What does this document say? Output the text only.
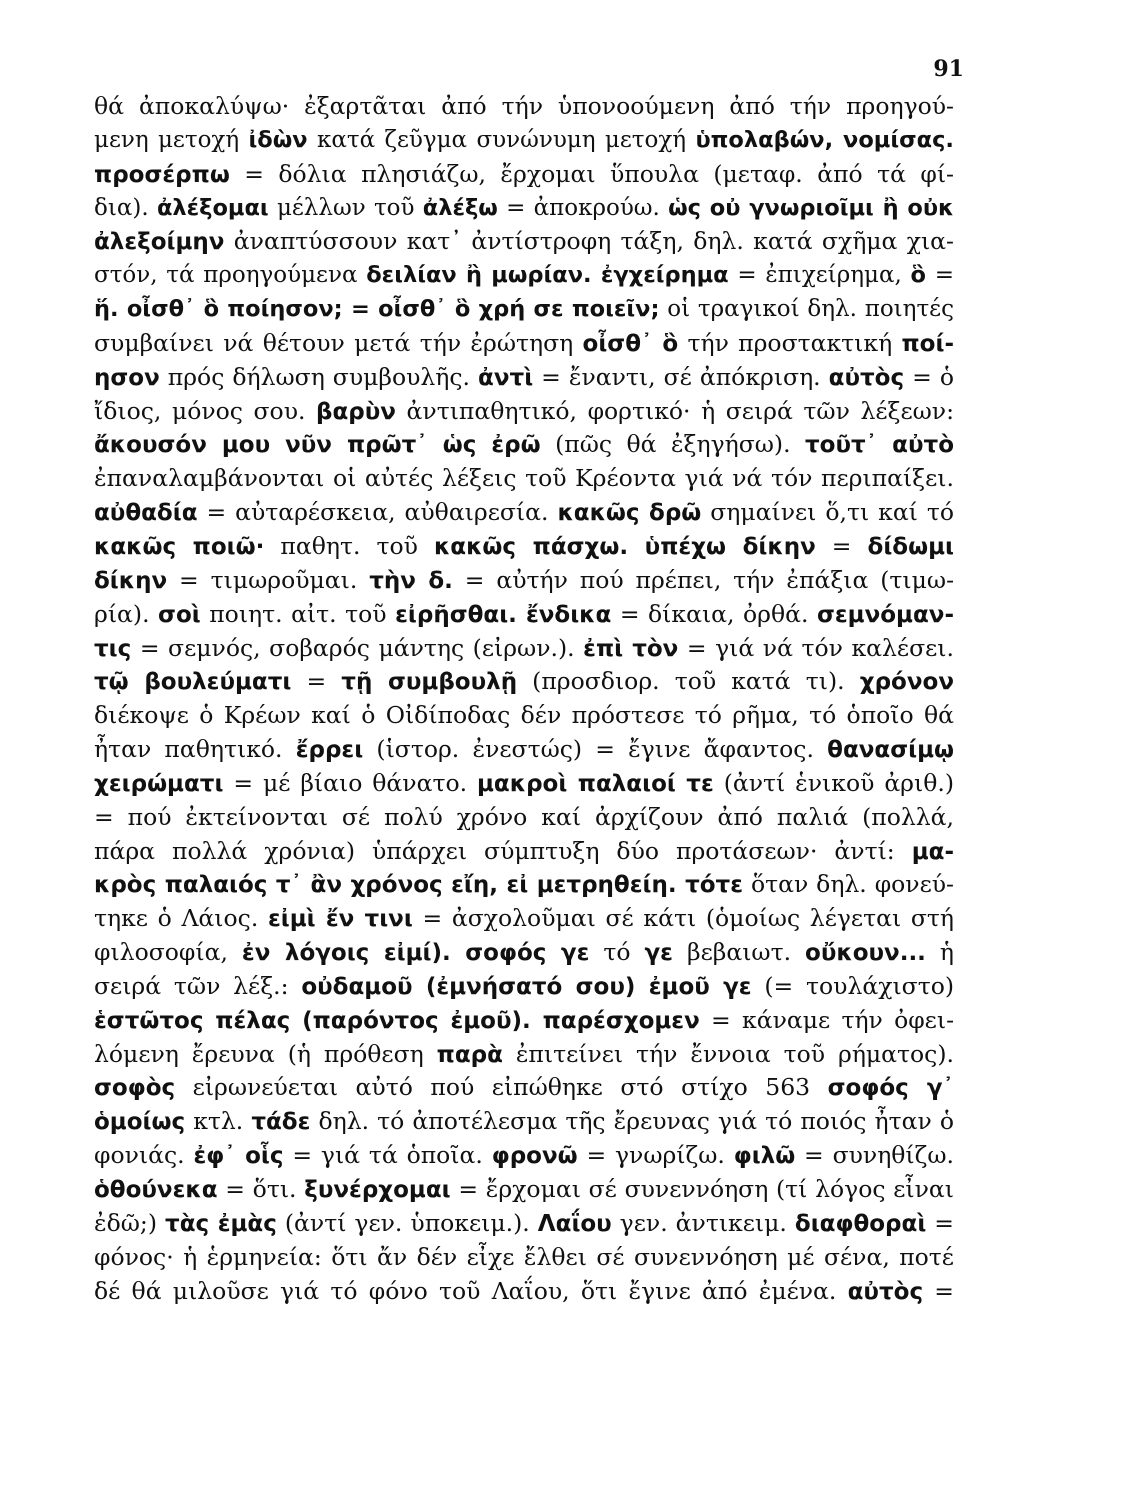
91
θά ἀποκαλύψω· ἐξαρτᾶται ἀπό τήν ὑπονοούμενη ἀπό τήν προηγού-
μενη μετοχή ἰδὼν κατά ζεῦγμα συνώνυμη μετοχή ὑπολαβών, νομίσας.
προσέρπω = δόλια πλησιάζω, ἔρχομαι ὕπουλα (μεταφ. ἀπό τά φί-
δια). ἀλέξομαι μέλλων τοῦ ἀλέξω = ἀποκρούω. ὡς οὐ γνωριοῖμι ἢ οὐκ
ἀλεξοίμην ἀναπτύσσουν κατ᾽ ἀντίστροφη τάξη, δηλ. κατά σχῆμα χια-
στόν, τά προηγούμενα δειλίαν ἢ μωρίαν. ἐγχείρημα = ἐπιχείρημα, ὃ =
ἥ. οἶσθ᾽ ὃ ποίησον; = οἶσθ᾽ ὃ χρή σε ποιεῖν; οἱ τραγικοί δηλ. ποιητές
συμβαίνει νά θέτουν μετά τήν ἐρώτηση οἶσθ᾽ ὃ τήν προστακτική ποί-
ησον πρός δήλωση συμβουλῆς. ἀντὶ = ἔναντι, σέ ἀπόκριση. αὐτὸς = ὁ
ἴδιος, μόνος σου. βαρὺν ἀντιπαθητικό, φορτικό· ἡ σειρά τῶν λέξεων:
ἄκουσόν μου νῦν πρῶτ᾽ ὡς ἐρῶ (πῶς θά ἐξηγήσω). τοῦτ᾽ αὐτὸ
ἐπαναλαμβάνονται οἱ αὐτές λέξεις τοῦ Κρέοντα γιά νά τόν περιπαίξει.
αὐθαδία = αὐταρέσκεια, αὐθαιρεσία. κακῶς δρῶ σημαίνει ὅ,τι καί τό
κακῶς ποιῶ· παθητ. τοῦ κακῶς πάσχω. ὑπέχω δίκην = δίδωμι
δίκην = τιμωροῦμαι. τὴν δ. = αὐτήν πού πρέπει, τήν ἐπάξια (τιμω-
ρία). σοὶ ποιητ. αἰτ. τοῦ εἰρῆσθαι. ἔνδικα = δίκαια, ὀρθά. σεμνόμαν-
τις = σεμνός, σοβαρός μάντης (εἰρων.). ἐπὶ τὸν = γιά νά τόν καλέσει.
τῷ βουλεύματι = τῇ συμβουλῇ (προσδιορ. τοῦ κατά τι). χρόνον
διέκοψε ὁ Κρέων καί ὁ Οἰδίποδας δέν πρόστεσε τό ρῆμα, τό ὁποῖο θά
ἦταν παθητικό. ἔρρει (ἱστορ. ἐνεστώς) = ἔγινε ἄφαντος. θανασίμῳ
χειρώματι = μέ βίαιο θάνατο. μακροὶ παλαιοί τε (ἀντί ἑνικοῦ ἀριθ.)
= πού ἐκτείνονται σέ πολύ χρόνο καί ἀρχίζουν ἀπό παλιά (πολλά,
πάρα πολλά χρόνια) ὑπάρχει σύμπτυξη δύο προτάσεων· ἀντί: μα-
κρὸς παλαιός τ᾽ ἂν χρόνος εἴη, εἰ μετρηθείη. τότε ὅταν δηλ. φονεύ-
τηκε ὁ Λάιος. εἰμὶ ἔν τινι = ἀσχολοῦμαι σέ κάτι (ὁμοίως λέγεται στή
φιλοσοφία, ἐν λόγοις εἰμί). σοφός γε τό γε βεβαιωτ. οὔκουν... ἡ
σειρά τῶν λέξ.: οὐδαμοῦ (ἐμνήσατό σου) ἐμοῦ γε (= τουλάχιστο)
ἑστῶτος πέλας (παρόντος ἐμοῦ). παρέσχομεν = κάναμε τήν ὀφει-
λόμενη ἔρευνα (ἡ πρόθεση παρὰ ἐπιτείνει τήν ἔννοια τοῦ ρήματος).
σοφὸς εἰρωνεύεται αὐτό πού εἰπώθηκε στό στίχο 563 σοφός γ᾽
ὁμοίως κτλ. τάδε δηλ. τό ἀποτέλεσμα τῆς ἔρευνας γιά τό ποιός ἦταν ὁ
φονιάς. ἐφ᾽ οἷς = γιά τά ὁποῖα. φρονῶ = γνωρίζω. φιλῶ = συνηθίζω.
ὁθούνεκα = ὅτι. ξυνέρχομαι = ἔρχομαι σέ συνεννόηση (τί λόγος εἶναι
ἐδῶ;) τὰς ἐμὰς (ἀντί γεν. ὑποκειμ.). Λαΐου γεν. ἀντικειμ. διαφθοραὶ =
φόνος· ἡ ἑρμηνεία: ὅτι ἄν δέν εἶχε ἔλθει σέ συνεννόηση μέ σένα, ποτέ
δέ θά μιλοῦσε γιά τό φόνο τοῦ Λαΐου, ὅτι ἔγινε ἀπό ἐμένα. αὐτὸς =
